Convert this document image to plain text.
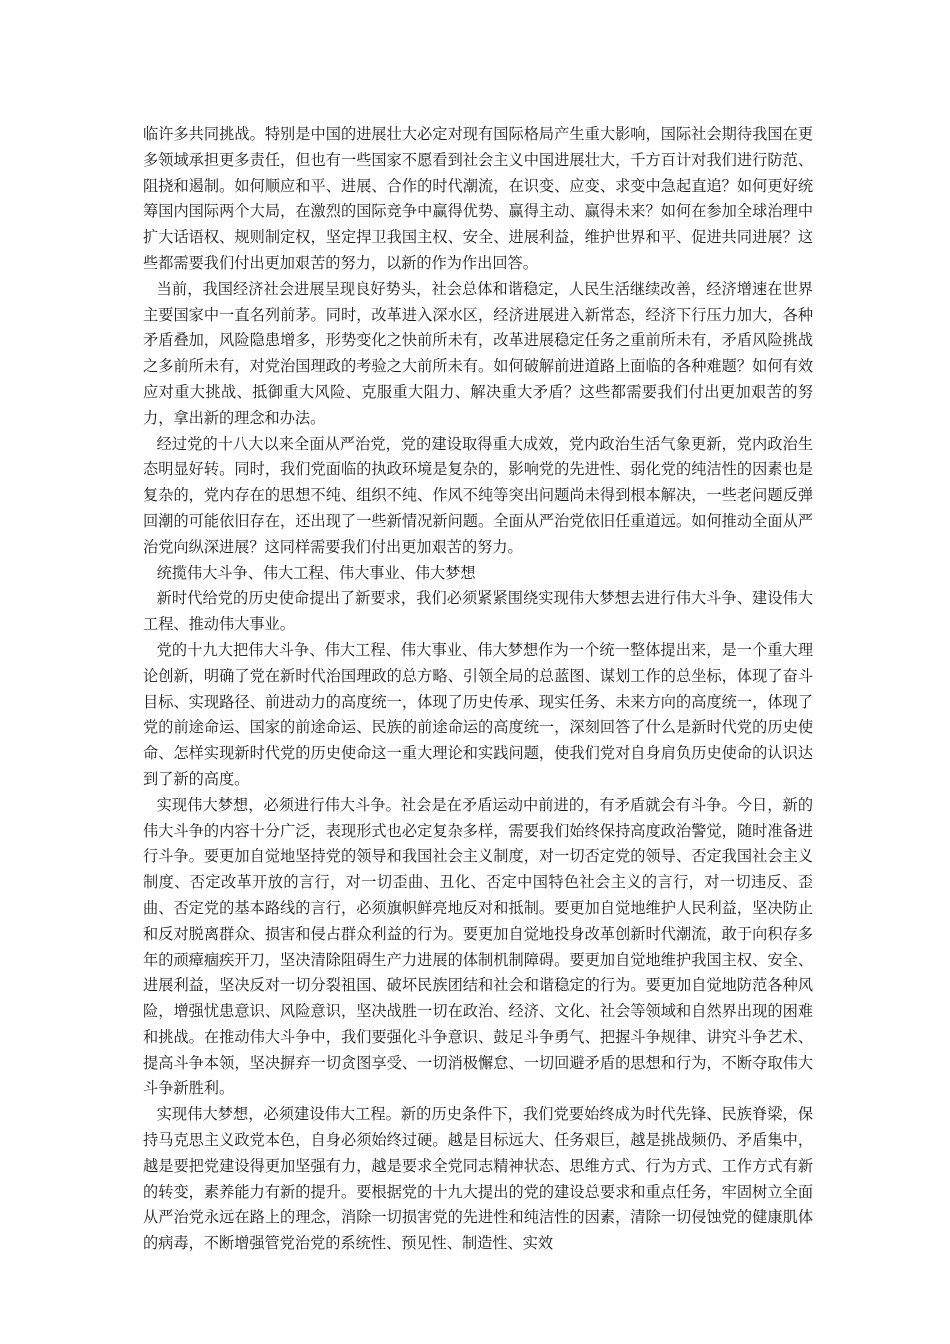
临许多共同挑战。特别是中国的进展壮大必定对现有国际格局产生重大影响，国际社会期待我国在更多领域承担更多责任，但也有一些国家不愿看到社会主义中国进展壮大，千方百计对我们进行防范、阻挠和遏制。如何顺应和平、进展、合作的时代潮流，在识变、应变、求变中急起直追？如何更好统筹国内国际两个大局，在激烈的国际竞争中赢得优势、赢得主动、赢得未来？如何在参加全球治理中扩大话语权、规则制定权，坚定捍卫我国主权、安全、进展利益，维护世界和平、促进共同进展？这些都需要我们付出更加艰苦的努力，以新的作为作出回答。

当前，我国经济社会进展呈现良好势头，社会总体和谐稳定，人民生活继续改善，经济增速在世界主要国家中一直名列前茅。同时，改革进入深水区，经济进展进入新常态，经济下行压力加大，各种矛盾叠加，风险隐患增多，形势变化之快前所未有，改革进展稳定任务之重前所未有，矛盾风险挑战之多前所未有，对党治国理政的考验之大前所未有。如何破解前进道路上面临的各种难题？如何有效应对重大挑战、抵御重大风险、克服重大阻力、解决重大矛盾？这些都需要我们付出更加艰苦的努力，拿出新的理念和办法。

经过党的十八大以来全面从严治党，党的建设取得重大成效，党内政治生活气象更新，党内政治生态明显好转。同时，我们党面临的执政环境是复杂的，影响党的先进性、弱化党的纯洁性的因素也是复杂的，党内存在的思想不纯、组织不纯、作风不纯等突出问题尚未得到根本解决，一些老问题反弹回潮的可能依旧存在，还出现了一些新情况新问题。全面从严治党依旧任重道远。如何推动全面从严治党向纵深进展？这同样需要我们付出更加艰苦的努力。

统揽伟大斗争、伟大工程、伟大事业、伟大梦想

新时代给党的历史使命提出了新要求，我们必须紧紧围绕实现伟大梦想去进行伟大斗争、建设伟大工程、推动伟大事业。

党的十九大把伟大斗争、伟大工程、伟大事业、伟大梦想作为一个统一整体提出来，是一个重大理论创新，明确了党在新时代治国理政的总方略、引领全局的总蓝图、谋划工作的总坐标，体现了奋斗目标、实现路径、前进动力的高度统一，体现了历史传承、现实任务、未来方向的高度统一，体现了党的前途命运、国家的前途命运、民族的前途命运的高度统一，深刻回答了什么是新时代党的历史使命、怎样实现新时代党的历史使命这一重大理论和实践问题，使我们党对自身肩负历史使命的认识达到了新的高度。

实现伟大梦想，必须进行伟大斗争。社会是在矛盾运动中前进的，有矛盾就会有斗争。今日，新的伟大斗争的内容十分广泛，表现形式也必定复杂多样，需要我们始终保持高度政治警觉，随时准备进行斗争。要更加自觉地坚持党的领导和我国社会主义制度，对一切否定党的领导、否定我国社会主义制度、否定改革开放的言行，对一切歪曲、丑化、否定中国特色社会主义的言行，对一切违反、歪曲、否定党的基本路线的言行，必须旗帜鲜亮地反对和抵制。要更加自觉地维护人民利益，坚决防止和反对脱离群众、损害和侵占群众利益的行为。要更加自觉地投身改革创新时代潮流，敢于向积存多年的顽瘴痼疾开刀，坚决清除阻碍生产力进展的体制机制障碍。要更加自觉地维护我国主权、安全、进展利益，坚决反对一切分裂祖国、破坏民族团结和社会和谐稳定的行为。要更加自觉地防范各种风险，增强忧患意识、风险意识，坚决战胜一切在政治、经济、文化、社会等领域和自然界出现的困难和挑战。在推动伟大斗争中，我们要强化斗争意识、鼓足斗争勇气、把握斗争规律、讲究斗争艺术、提高斗争本领，坚决摒弃一切贪图享受、一切消极懈怠、一切回避矛盾的思想和行为，不断夺取伟大斗争新胜利。

实现伟大梦想，必须建设伟大工程。新的历史条件下，我们党要始终成为时代先锋、民族脊梁，保持马克思主义政党本色，自身必须始终过硬。越是目标远大、任务艰巨，越是挑战频仍、矛盾集中，越是要把党建设得更加坚强有力，越是要求全党同志精神状态、思维方式、行为方式、工作方式有新的转变，素养能力有新的提升。要根据党的十九大提出的党的建设总要求和重点任务，牢固树立全面从严治党永远在路上的理念，消除一切损害党的先进性和纯洁性的因素，清除一切侵蚀党的健康肌体的病毒，不断增强管党治党的系统性、预见性、制造性、实效
